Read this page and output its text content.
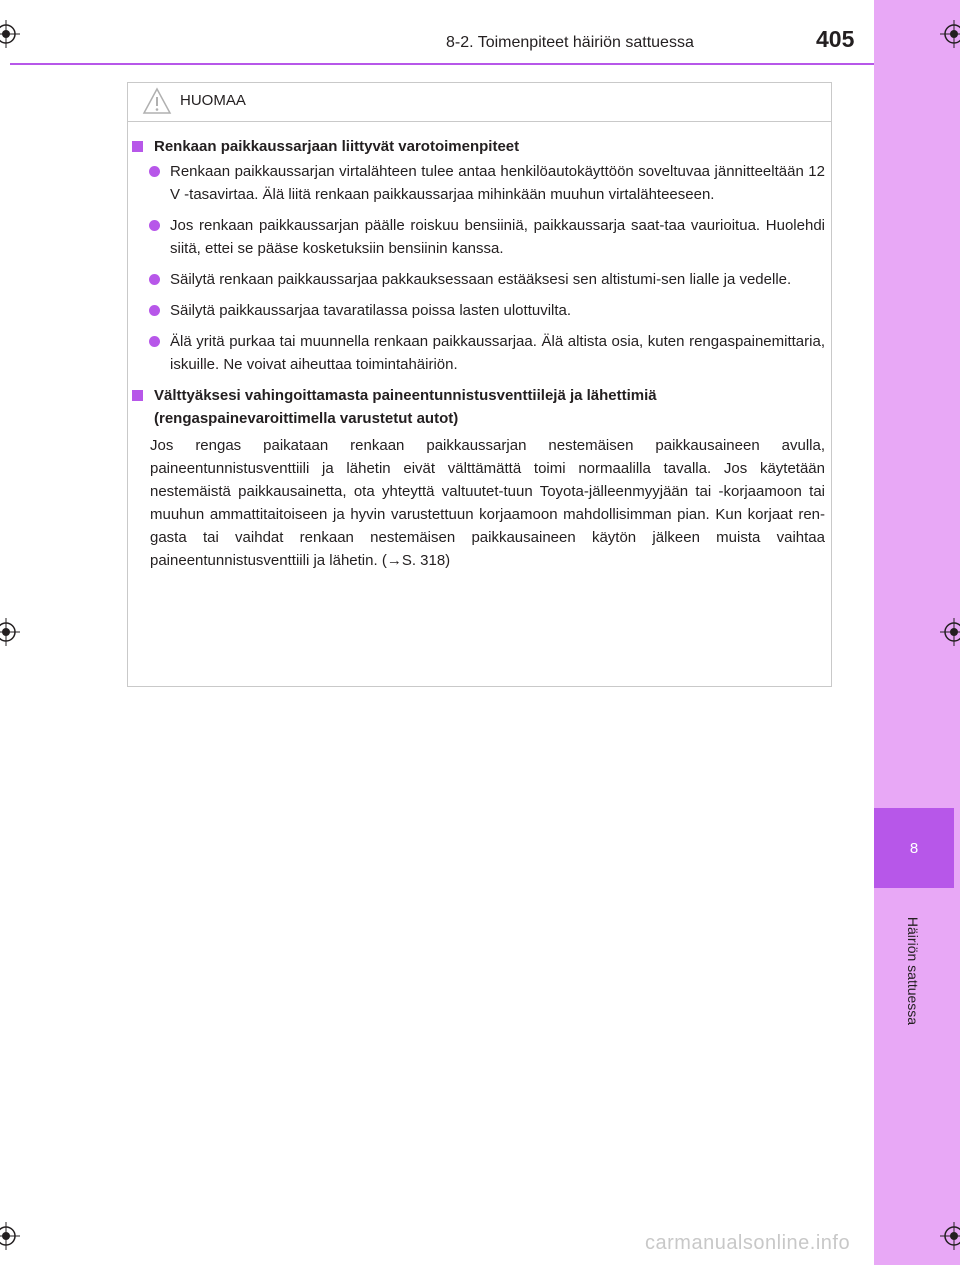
8
Häiriön sattuessa
8-2. Toimenpiteet häiriön sattuessa	405
HUOMAA
Renkaan paikkaussarjaan liittyvät varotoimenpiteet
Renkaan paikkaussarjan virtalähteen tulee antaa henkilöautokäyttöön soveltuvaa jännitteeltään 12 V -tasavirtaa. Älä liitä renkaan paikkaussarjaa mihinkään muuhun virtalähteeseen.
Jos renkaan paikkaussarjan päälle roiskuu bensiiniä, paikkaussarja saat-taa vaurioitua. Huolehdi siitä, ettei se pääse kosketuksiin bensiinin kanssa.
Säilytä renkaan paikkaussarjaa pakkauksessaan estääksesi sen altistumi-sen lialle ja vedelle.
Säilytä paikkaussarjaa tavaratilassa poissa lasten ulottuvilta.
Älä yritä purkaa tai muunnella renkaan paikkaussarjaa. Älä altista osia, kuten rengaspainemittaria, iskuille. Ne voivat aiheuttaa toimintahäiriön.
Välttyäksesi vahingoittamasta paineentunnistusventtiilejä ja lähettimiä (rengaspainevaroittimella varustetut autot)
Jos rengas paikataan renkaan paikkaussarjan nestemäisen paikkausaineen avulla, paineentunnistusventtiili ja lähetin eivät välttämättä toimi normaalilla tavalla. Jos käytetään nestemäistä paikkausainetta, ota yhteyttä valtuutet-tuun Toyota-jälleenmyyjään tai -korjaamoon tai muuhun ammattitaitoiseen ja hyvin varustettuun korjaamoon mahdollisimman pian. Kun korjaat ren-gasta tai vaihdat renkaan nestemäisen paikkausaineen käytön jälkeen muista vaihtaa paineentunnistusventtiili ja lähetin. (→S. 318)
carmanualsonline.info
